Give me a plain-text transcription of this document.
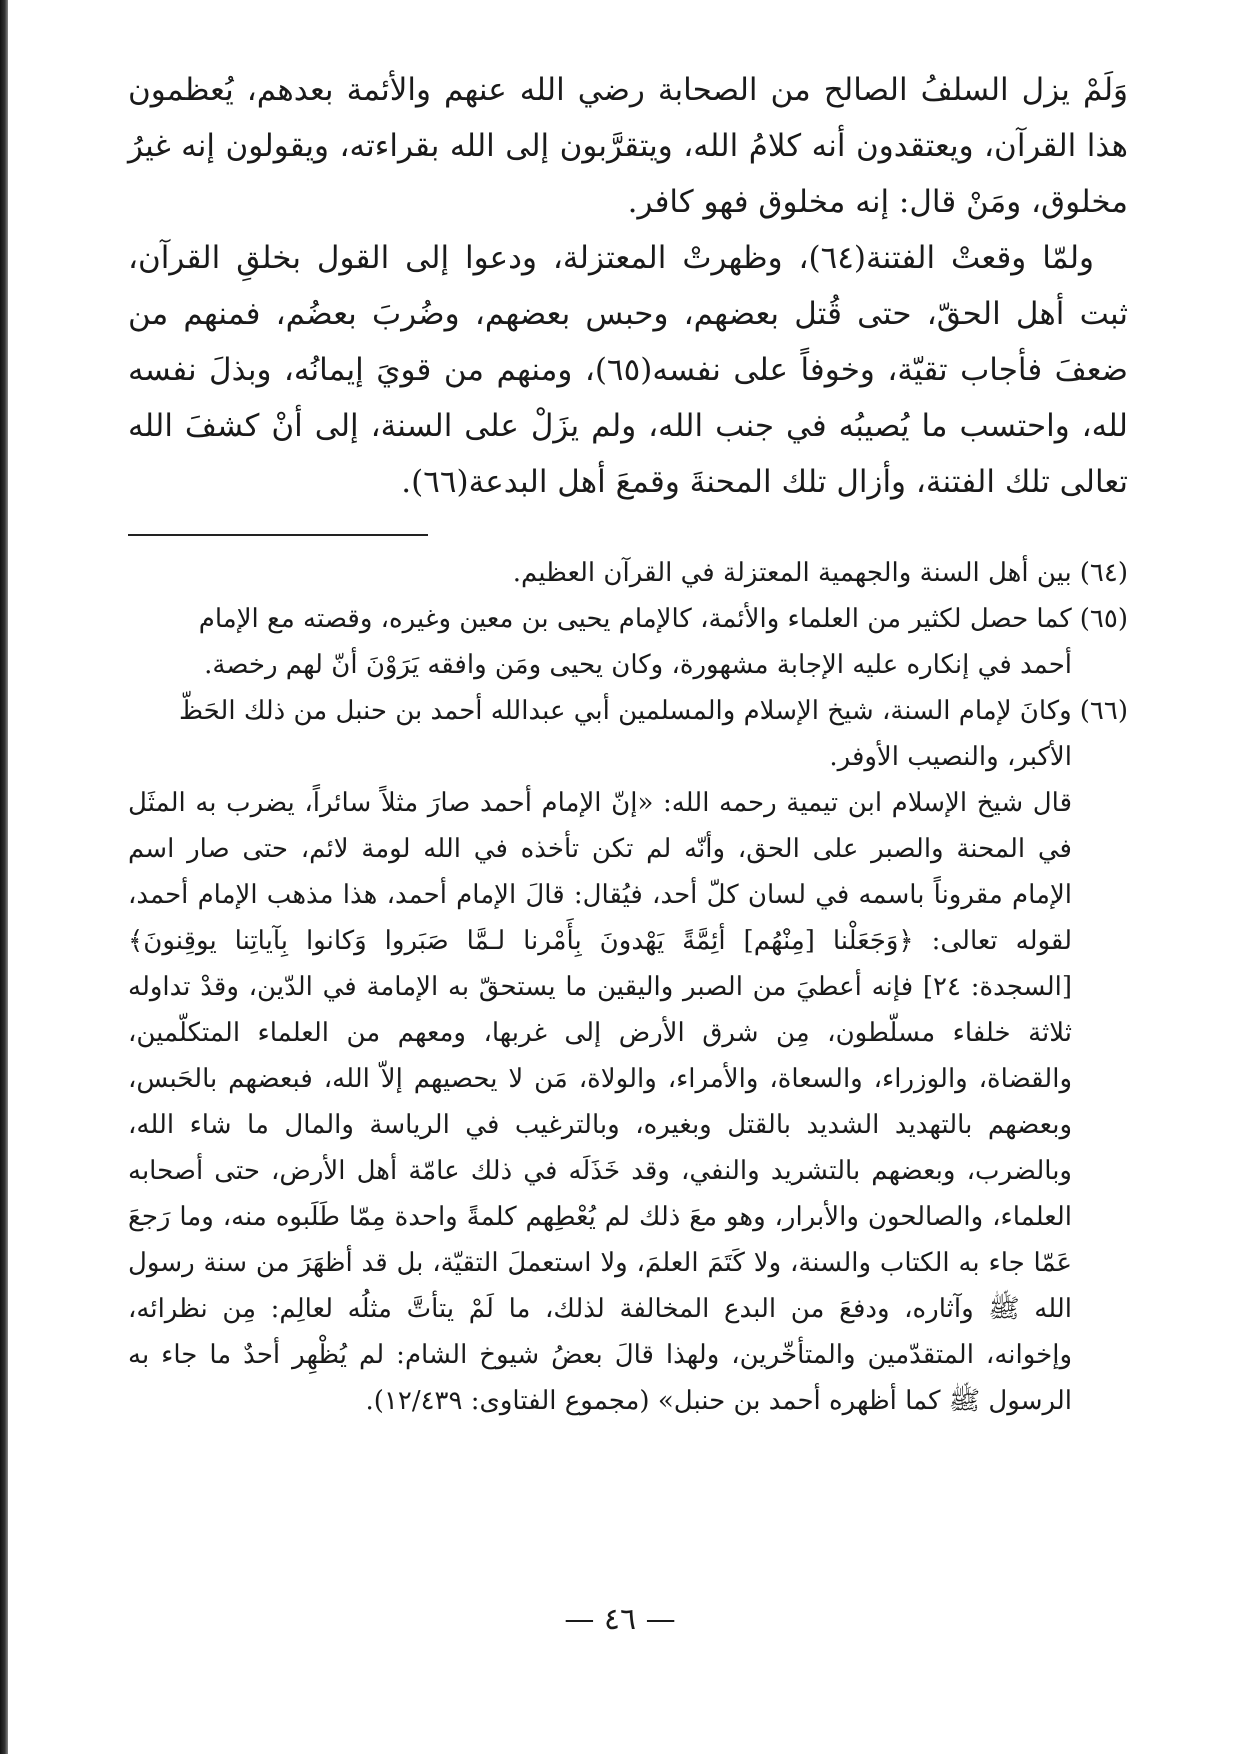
وَلَمْ يزل السلفُ الصالح من الصحابة رضي الله عنهم والأئمة بعدهم، يُعظمون هذا القرآن، ويعتقدون أنه كلامُ الله، ويتقرَّبون إلى الله بقراءته، ويقولون إنه غيرُ مخلوق، ومَنْ قال: إنه مخلوق فهو كافر.

ولمّا وقعتْ الفتنة(٦٤)، وظهرتْ المعتزلة، ودعوا إلى القول بخلقِ القرآن، ثبت أهل الحقّ، حتى قُتل بعضهم، وحبس بعضهم، وضُربَ بعضُم، فمنهم من ضعفَ فأجاب تقيّة، وخوفاً على نفسه(٦٥)، ومنهم من قويَ إيمانُه، وبذلَ نفسه لله، واحتسب ما يُصيبُه في جنب الله، ولم يزَلْ على السنة، إلى أنْ كشفَ الله تعالى تلك الفتنة، وأزال تلك المحنةَ وقمعَ أهل البدعة(٦٦).

(٦٤)

بين أهل السنة والجهمية المعتزلة في القرآن العظيم.

(٦٥)

كما حصل لكثير من العلماء والأئمة، كالإمام يحيى بن معين وغيره، وقصته مع الإمام

أحمد في إنكاره عليه الإجابة مشهورة، وكان يحيى ومَن وافقه يَرَوْنَ أنّ لهم رخصة.

(٦٦)

وكانَ لإمام السنة، شيخ الإسلام والمسلمين أبي عبدالله أحمد بن حنبل من ذلك الحَظّ

الأكبر، والنصيب الأوفر.

قال شيخ الإسلام ابن تيمية رحمه الله: «إنّ الإمام أحمد صارَ مثلاً سائراً، يضرب به المثَل في المحنة والصبر على الحق، وأنّه لم تكن تأخذه في الله لومة لائم، حتى صار اسم الإمام مقروناً باسمه في لسان كلّ أحد، فيُقال: قالَ الإمام أحمد، هذا مذهب الإمام أحمد، لقوله تعالى: ﴿وَجَعَلْنا [مِنْهُم] أئِمَّةً يَهْدونَ بِأَمْرنا لـمَّا صَبَروا وَكانوا بِآياتِنا يوقِنونَ﴾ [السجدة: ٢٤] فإنه أعطيَ من الصبر واليقين ما يستحقّ به الإمامة في الدّين، وقدْ تداوله ثلاثة خلفاء مسلّطون، مِن شرق الأرض إلى غربها، ومعهم من العلماء المتكلّمين، والقضاة، والوزراء، والسعاة، والأمراء، والولاة، مَن لا يحصيهم إلاّ الله، فبعضهم بالحَبس، وبعضهم بالتهديد الشديد بالقتل وبغيره، وبالترغيب في الرياسة والمال ما شاء الله، وبالضرب، وبعضهم بالتشريد والنفي، وقد خَذَلَه في ذلك عامّة أهل الأرض، حتى أصحابه العلماء، والصالحون والأبرار، وهو معَ ذلك لم يُعْطِهم كلمةً واحدة مِمّا طَلَبوه منه، وما رَجعَ عَمّا جاء به الكتاب والسنة، ولا كَتَمَ العلمَ، ولا استعملَ التقيّة، بل قد أظهَرَ من سنة رسول الله ﷺ وآثاره، ودفعَ من البدع المخالفة لذلك، ما لَمْ يتأتَّ مثلُه لعالِم: مِن نظرائه، وإخوانه، المتقدّمين والمتأخّرين، ولهذا قالَ بعضُ شيوخ الشام: لم يُظْهِر أحدٌ ما جاء به الرسول ﷺ كما أظهره أحمد بن حنبل» (مجموع الفتاوى: ١٢/٤٣٩).

— ٤٦ —
